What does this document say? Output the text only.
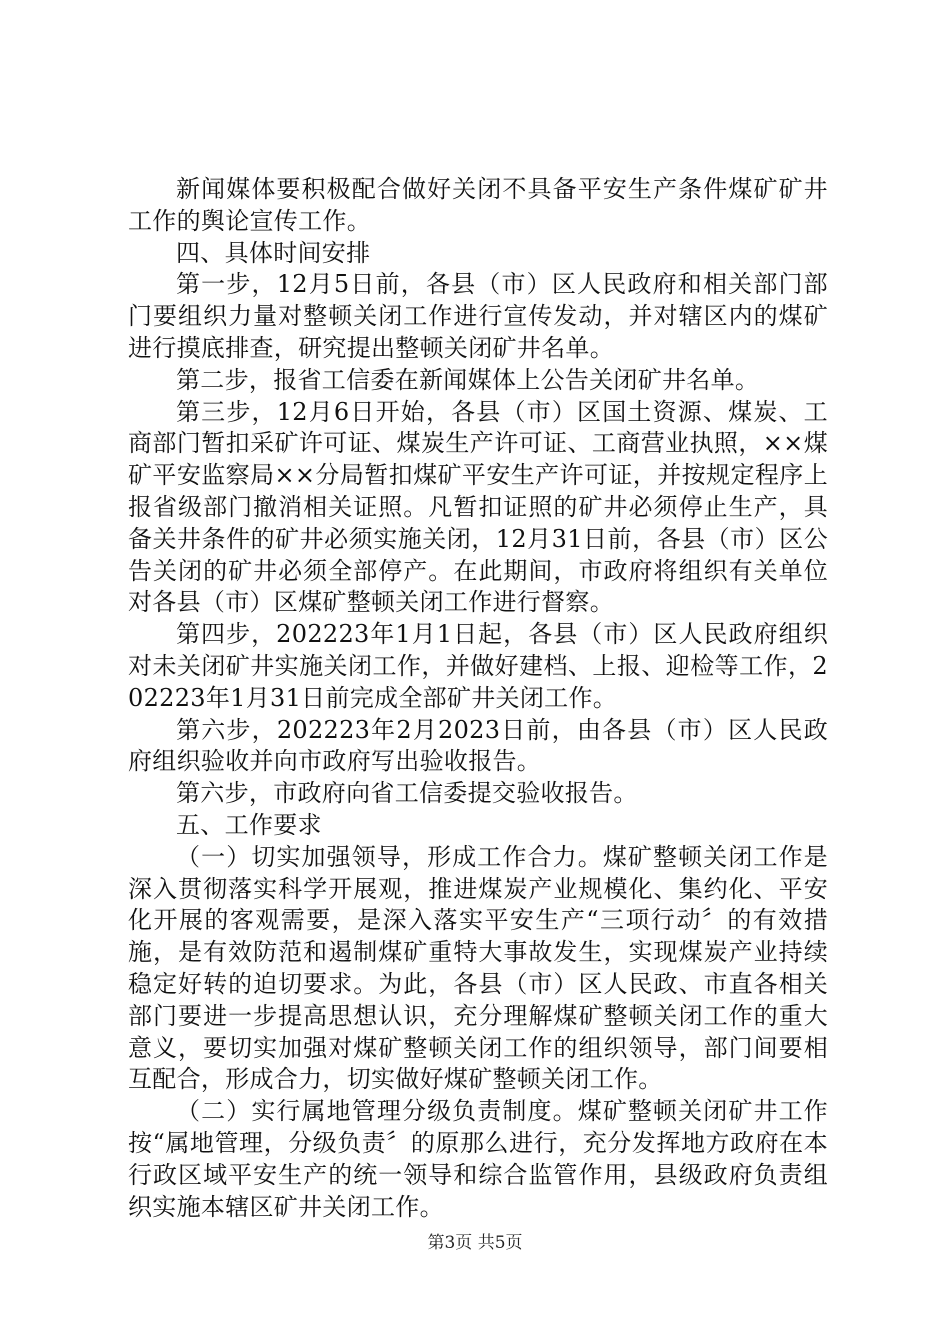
新闻媒体要积极配合做好关闭不具备平安生产条件煤矿矿井工作的舆论宣传工作。

四、具体时间安排

第一步，12月5日前，各县（市）区人民政府和相关部门部门要组织力量对整顿关闭工作进行宣传发动，并对辖区内的煤矿进行摸底排查，研究提出整顿关闭矿井名单。

第二步，报省工信委在新闻媒体上公告关闭矿井名单。

第三步，12月6日开始，各县（市）区国土资源、煤炭、工商部门暂扣采矿许可证、煤炭生产许可证、工商营业执照，××煤矿平安监察局××分局暂扣煤矿平安生产许可证，并按规定程序上报省级部门撤消相关证照。凡暂扣证照的矿井必须停止生产，具备关井条件的矿井必须实施关闭，12月31日前，各县（市）区公告关闭的矿井必须全部停产。在此期间，市政府将组织有关单位对各县（市）区煤矿整顿关闭工作进行督察。

第四步，202223年1月1日起，各县（市）区人民政府组织对未关闭矿井实施关闭工作，并做好建档、上报、迎检等工作，202223年1月31日前完成全部矿井关闭工作。

第六步，202223年2月2023日前，由各县（市）区人民政府组织验收并向市政府写出验收报告。

第六步，市政府向省工信委提交验收报告。

五、工作要求

（一）切实加强领导，形成工作合力。煤矿整顿关闭工作是深入贯彻落实科学开展观，推进煤炭产业规模化、集约化、平安化开展的客观需要，是深入落实平安生产“三项行动〞的有效措施，是有效防范和遏制煤矿重特大事故发生，实现煤炭产业持续稳定好转的迫切要求。为此，各县（市）区人民政、市直各相关部门要进一步提高思想认识，充分理解煤矿整顿关闭工作的重大意义，要切实加强对煤矿整顿关闭工作的组织领导，部门间要相互配合，形成合力，切实做好煤矿整顿关闭工作。

（二）实行属地管理分级负责制度。煤矿整顿关闭矿井工作按“属地管理，分级负责〞的原那么进行，充分发挥地方政府在本行政区域平安生产的统一领导和综合监管作用，县级政府负责组织实施本辖区矿井关闭工作。

第3页 共5页
